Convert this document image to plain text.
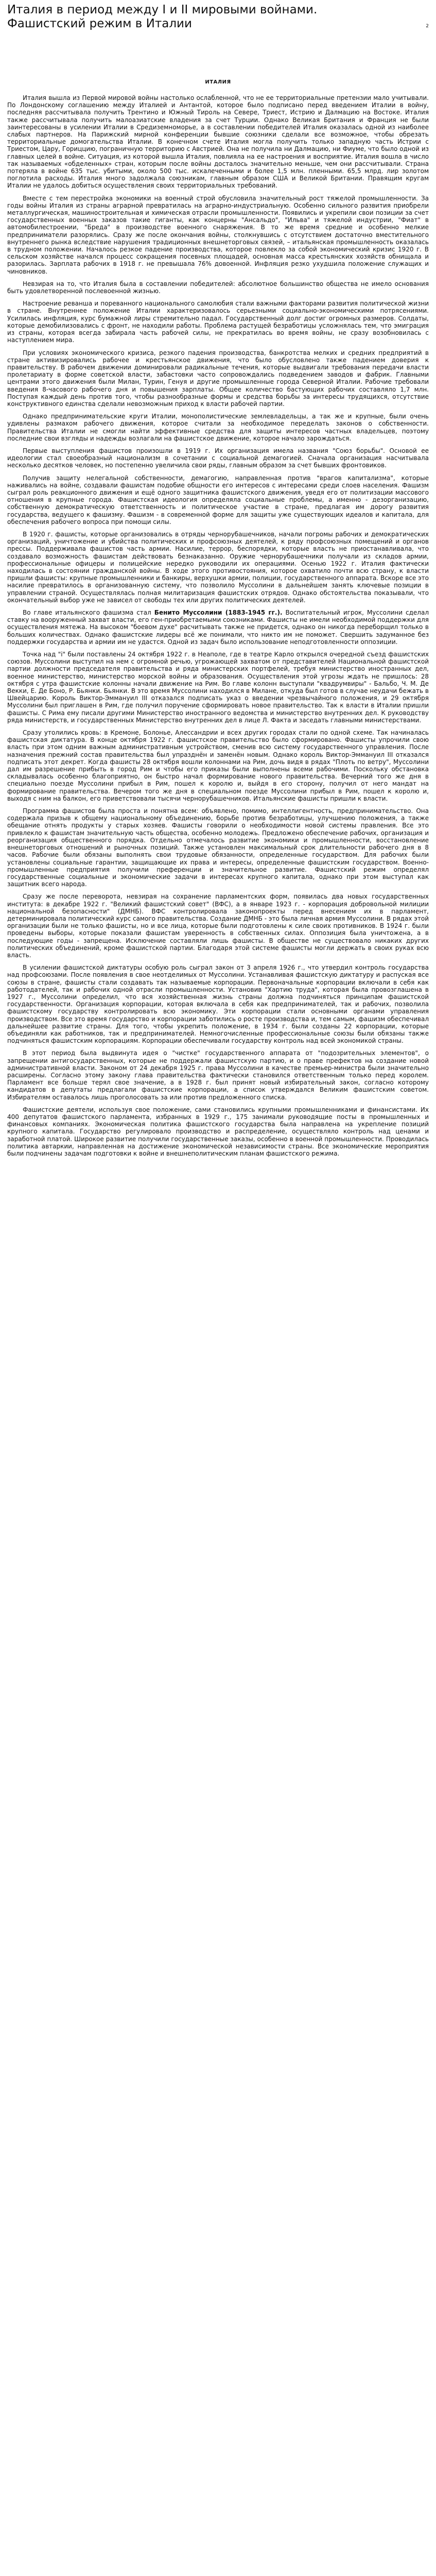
Италия в период между I и II мировыми войнами. Фашистский режим в Италии	2
ИТАЛИЯ

Италия вышла из Первой мировой войны настолько ослабленной, что не ее территориальные претензии мало учитывали. По Лондонскому соглашению между Италией и Антантой, которое было подписано перед введением Италии в войну, последняя рассчитывала получить Трентино и Южный Тироль на Севере, Триест, Истрию и Далмацию на Востоке. Италия также рассчитывала получить малоазиатские владения за счет Турции. Однако Великая Британия и Франция не были заинтересованы в усилении Италии в Средиземноморье, а в составлении победителей Италия оказалась одной из наиболее слабых партнеров. На Парижский мирной конференции бывшие союзники сделали все возможное, чтобы обрезать территориальные домогательства Италии. В конечном счете Италия могла получить только западную часть Истрии с Триестом, Цару, Гориццию, пограничную территорию с Австрией. Она не получила ни Далмацию, ни Фиуме, что было одной из главных целей в войне. Ситуация, из которой вышла Италия, повлияла на ее настроения и восприятие. Италия вошла в число так называемых «обделенных» стран, которым после войны досталось значительно меньше, чем они рассчитывали. Страна потеряла в войне 635 тыс. убитыми, около 500 тыс. искалеченными и более 1,5 млн. пленными. 65,5 млрд. лир золотом поглотила расходы. Италия много задолжала союзникам, главным образом США и Великой Британии. Правящим кругам Италии не удалось добиться осуществления своих территориальных требований.

Вместе с тем перестройка экономики на военный строй обусловила значительный рост тяжелой промышленности. За годы войны Италия из страны аграрной превратилась на аграрно-индустриальную. Особенно сильного развития приобрели металлургическая, машиностроительная и химическая отрасли промышленности. Появились и укрепили свои позиции за счет государственных военных заказов такие гиганты, как концерны "Ансальдо", "Ильва" и тяжелой индустрии, "Фиат" в автомобилестроении, "Бреда" в производстве военного снаряжения. В то же время средние и особенно мелкие предприниматели разорялись. Сразу же после окончания войны, столкнувшись с отсутствием достаточно вместительного внутреннего рынка вследствие нарушения традиционных внешнеторговых связей, – итальянская промышленность оказалась в трудном положении. Началось резкое падение производства, которое повлекло за собой экономический кризис 1920 г. В сельском хозяйстве начался процесс сокращения посевных площадей, основная масса крестьянских хозяйств обнищала и разорилась. Зарплата рабочих в 1918 г. не превышала 76% довоенной. Инфляция резко ухудшила положение служащих и чиновников.

Невзирая на то, что Италия была в составлении победителей: абсолютное большинство общества не имело основания быть удовлетворенной послевоенной жизнью.

Настроение реванша и пореванного национального самолюбия стали важными факторами развития политической жизни в стране. Внутреннее положение Италии характеризовалось серьезными социально-экономическими потрясениями. Усилилась инфляция, курс бумажной лиры стремительно падал. Государственный долг достиг огромных размеров. Солдаты, которые демобилизовались с фронт, не находили работы. Проблема растущей безработицы усложнялась тем, что эмиграция из страны, которая всегда забирала часть рабочей силы, не прекратилась во время войны, не сразу возобновилась с наступлением мира.

При условиях экономического кризиса, резкого падения производства, банкротства мелких и средних предприятий в стране активизировались рабочее и крестьянское движения, что было обусловлено также падением доверия к правительству. В рабочем движении доминировали радикальные течения, которые выдвигали требования передачи власти пролетариату в форме советской власти, забастовки часто сопровождались подведением заводов и фабрик. Главными центрами этого движения были Милан, Турин, Генуя и другие промышленные города Северной Италии. Рабочие требовали введения 8-часового рабочего дня и повышения зарплаты. Общее количество бастующих рабочих составляло 1,7 млн. Поступая каждый день против того, чтобы разнообразные формы и средства борьбы за интересы трудящихся, отсутствие конструктивного единства сделали невозможным приход к власти рабочей партии.

Однако предпринимательские круги Италии, монополистические землевладельцы, а так же и крупные, были очень удивлены размахом рабочего движения, которое считали за необходимое переделать законов о собственности. Правительства Италии не смогли найти эффективные средства для защиты интересов частных владельцев, поэтому последние свои взгляды и надежды возлагали на фашистское движение, которое начало зарождаться.

Первые выступления фашистов произошли в 1919 г. Их организация имела названия "Союз борьбы". Основой ее идеологии стал своеобразный национализм в сочетании с социальной демагогией. Сначала организация насчитывала несколько десятков человек, но постепенно увеличила свои ряды, главным образом за счет бывших фронтовиков.

Получив защиту нелегальной собственности, демагогию, направленная против "врагов капитализма", которые наживались на войне, создавали фашистам подобие общности его интересов с интересами среди слоев населения. Фашизм сыграл роль реакционного движения и ещё одного защитника фашистского движения, уведя его от политизации массового отношения в крупные города. Фашистская идеология определяла социальные проблемы, а именно - дезорганизацию, собственную демократическую ответственность и политическое участие в стране, предлагая им дорогу развития государства, ведущего к фашизму. Фашизм - в современной форме для защиты уже существующих идеалов и капитала, для обеспечения рабочего вопроса при помощи силы.

В 1920 г. фашисты, которые организовались в отряды чернорубашечников, начали погромы рабочих и демократических организаций, уничтожение и убийства политических и профсоюзных деятелей, к ряду профсоюзных помещений и органов прессы. Поддерживала фашистов часть армии. Насилие, террор, беспорядки, которые власть не приостанавливала, что создавало возможность фашистам действовать безнаказанно. Оружие чернорубашечники получали из складов армии, профессиональные офицеры и полицейские нередко руководили их операциями. Осенью 1922 г. Италия фактически находилась в состоянии гражданской войны. В ходе этого противостояния, которое охватило почти всю страну, к власти пришли фашисты: крупные промышленники и банкиры, верхушки армии, полиции, государственного аппарата. Вскоре все это насилие превратилось в организованную систему, что позволило Муссолини в дальнейшем занять ключевые позиции в управлении страной. Осуществлялась полная милитаризация фашистских отрядов. Однако обстоятельства показывали, что окончательный выбор уже не зависел от свободы тех или других политических деятелей.

Во главе итальянского фашизма стал Бенито Муссолини (1883-1945 гг.). Воспитательный игрок, Муссолини сделал ставку на вооруженный захват власти, его ген-приобретаемыми союзниками. Фашисты не имели необходимой поддержки для осуществления мятежа. На высоком "боевом духе" расчитывать также не придется, однако он никогда переборщил только в больших количествах. Однако фашистские лидеры всё же понимали, что никто им не поможет. Свершить задуманное без поддержки государства и армии им не удастся. Одной из задач было использование неподготовленности оппозиции.

Точка над "i" были поставлены 24 октября 1922 г. в Неаполе, где в театре Карло открылся очередной съезд фашистских союзов. Муссолини выступил на нем с огромной речью, угрожающей захватом от представителей Национальной фашистской партии должности председателя правительства и ряда министерских портфелей, требуя министерство иностранных дел, военное министерство, министерство морской войны и образования. Осуществления этой угрозы ждать не пришлось: 28 октября с утра фашистские колонны начали движение на Рим. Во главе колонн выступали "квадрумвиры" - Бальбо, Ч. М. Де Векки, Е. Де Боно, Р. Бьянки. Бьянки. В это время Муссолини находился в Милане, откуда был готов в случае неудачи бежать в Швейцарию. Король Виктор-Эммануил III отказался подписать указ о введении чрезвычайного положения, и 29 октября Муссолини был приглашен в Рим, где получил поручение сформировать новое правительство. Так к власти в Италии пришли фашисты. С Рима ему писали другими Министерство иностранного ведомства и министерство внутренних дел. К руководству ряда министерств, и государственных Министерство внутренних дел в лице Л. Факта и заседать главными министерствами.

Сразу утолились кровь: в Кремоне, Болонье, Алессандрии и всех других городах стали по одной схеме. Так начиналась фашистская диктатура. В конце октября 1922 г. фашистское правительство было сформировано. Фашисты упрочили свою власть при этом одним важным административным устройством, сменив всю систему государственного управления. После назначения прежний состав правительства был упразднён и заменён новым. Однако король Виктор-Эммануил III отказался подписать этот декрет. Когда фашисты 28 октября вошли колоннами на Рим, дочь видя в рядах "Плоть по ветру", Муссолини дал им разрешение прибыть в город Рим и чтобы его приказы были выполнены всеми рабочими. Поскольку обстановка складывалась особенно благоприятно, он быстро начал формирование нового правительства. Вечерний того же дня в специально поезде Муссолини прибыл в Рим, пошел к королю и, выйдя в его сторону, получил от него мандат на формирование правительства. Вечером того же дня в специальном поезде Муссолини прибыл в Рим, пошел к королю и, выходя с ним на балкон, его приветствовали тысячи чернорубашечников. Итальянские фашисты пришли к власти.

Программа фашистов была проста и понятна всем: объявлено, помимо, интеллигентность, предпринимательство. Она содержала призыв к общему национальному объединению, борьбе против безработицы, улучшению положения, а также обещание отнять продукты у старых хозяев. Фашисты говорили о необходимости новой системы правления. Все это привлекло к фашистам значительную часть общества, особенно молодежь. Предложено обеспечение рабочих, организация и реорганизация общественного порядка. Отдельно отмечалось развитие экономики и промышленности, восстановление внешнеторговых отношений и рыночных позиций. Также установлен максимальный срок длительности рабочего дня в 8 часов. Рабочие были обязаны выполнять свои трудовые обязанности, определенные государством. Для рабочих были установлены социальные гарантии, защищающие их права и интересы, определенные фашистским государством. Военно-промышленные предприятия получили преференции и значительное развитие. Фашистский режим определял государственные социальные и экономические задачи в интересах крупного капитала, однако при этом выступал как защитник всего народа.

Сразу же после переворота, невзирая на сохранение парламентских форм, появилась два новых государственных института: в декабре 1922 г. "Великий фашистский совет" (ВФС), а в январе 1923 г. - корпорация добровольной милиции национальной безопасности" (ДМНБ). ВФС контролировала законопроекты перед внесением их в парламент, детерминировала политический курс самого правительства. Создание ДМНБ - это была личная армия Муссолини. В рядах этой организации были не только фашисты, но и все лица, которые были подготовлены к силе своих противников. В 1924 г. были проведены выборы, которые показали фашистам уверенность в собственных силах. Оппозиция была уничтожена, а в последующие годы - запрещена. Исключение составляли лишь фашисты. В обществе не существовало никаких других политических объединений, кроме фашистской партии. Благодаря этой системе фашисты могли держать в своих руках всю власть.

В усилении фашистской диктатуры особую роль сыграл закон от 3 апреля 1926 г., что утвердил контроль государства над профсоюзами. После появления в свое неотделимых от Муссолини. Устанавливая фашистскую диктатуру и распуская все союзы в стране, фашисты стали создавать так называемые корпорации. Первоначальные корпорации включали в себя как работодателей, так и рабочих одной отрасли промышленности. Установив "Хартию труда", которая была провозглашена в 1927 г., Муссолини определил, что вся хозяйственная жизнь страны должна подчиняться принципам фашистской государственности. Организация корпорации, которая включала в себя как предпринимателей, так и рабочих, позволила фашистскому государству контролировать всю экономику. Эти корпорации стали основными органами управления производством. Все это время государство и корпорации заботились о росте производства и, тем самым, фашизм обеспечивал дальнейшее развитие страны. Для того, чтобы укрепить положение, в 1934 г. были созданы 22 корпорации, которые объединяли как работников, так и предпринимателей. Немногочисленные профессиональные союзы были обязаны также подчиняться фашистским корпорациям. Корпорации обеспечивали государству контроль над всей экономикой страны.

В этот период была выдвинута идея о "чистке" государственного аппарата от "подозрительных элементов", о запрещении антигосударственных, которые не поддержали фашистскую партию, и о праве префектов на создание новой административной власти. Законом от 24 декабря 1925 г. права Муссолини в качестве премьер-министра были значительно расширены. Согласно этому закону глава правительства фактически становился ответственным только перед королем. Парламент все больше терял свое значение, а в 1928 г. был принят новый избирательный закон, согласно которому кандидатов в депутаты предлагали фашистские корпорации, а список утверждался Великим фашистским советом. Избирателям оставалось лишь проголосовать за или против предложенного списка.

Фашистские деятели, используя свое положение, сами становились крупными промышленниками и финансистами. Их 400 депутатов фашистского парламента, избранных в 1929 г., 175 занимали руководящие посты в промышленных и финансовых компаниях. Экономическая политика фашистского государства была направлена на укрепление позиций крупного капитала. Государство регулировало производство и распределение, осуществляло контроль над ценами и заработной платой. Широкое развитие получили государственные заказы, особенно в военной промышленности. Проводилась политика автаркии, направленная на достижение экономической независимости страны. Все экономические мероприятия были подчинены задачам подготовки к войне и внешнеполитическим планам фашистского режима.
